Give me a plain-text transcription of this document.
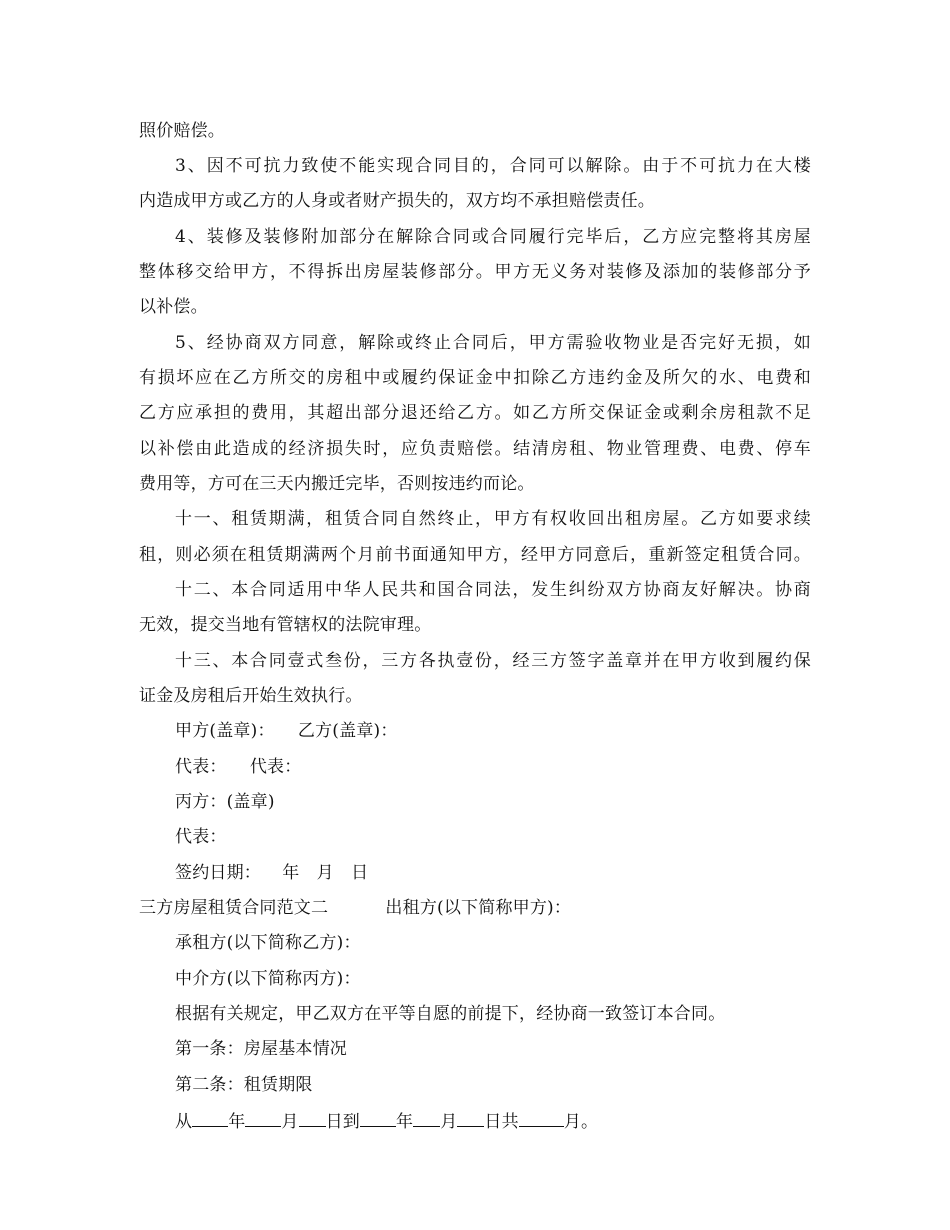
照价赔偿。
3、因不可抗力致使不能实现合同目的，合同可以解除。由于不可抗力在大楼
内造成甲方或乙方的人身或者财产损失的，双方均不承担赔偿责任。
4、装修及装修附加部分在解除合同或合同履行完毕后，乙方应完整将其房屋
整体移交给甲方，不得拆出房屋装修部分。甲方无义务对装修及添加的装修部分予
以补偿。
5、经协商双方同意，解除或终止合同后，甲方需验收物业是否完好无损，如
有损坏应在乙方所交的房租中或履约保证金中扣除乙方违约金及所欠的水、电费和
乙方应承担的费用，其超出部分退还给乙方。如乙方所交保证金或剩余房租款不足
以补偿由此造成的经济损失时，应负责赔偿。结清房租、物业管理费、电费、停车
费用等，方可在三天内搬迁完毕，否则按违约而论。
十一、租赁期满，租赁合同自然终止，甲方有权收回出租房屋。乙方如要求续
租，则必须在租赁期满两个月前书面通知甲方，经甲方同意后，重新签定租赁合同。
十二、本合同适用中华人民共和国合同法，发生纠纷双方协商友好解决。协商
无效，提交当地有管辖权的法院审理。
十三、本合同壹式叁份，三方各执壹份，经三方签字盖章并在甲方收到履约保
证金及房租后开始生效执行。
甲方(盖章)： 乙方(盖章)：
代表： 代表：
丙方：(盖章)
代表：
签约日期： 年 月 日
三方房屋租赁合同范文二	出租方(以下简称甲方)：
承租方(以下简称乙方)：
中介方(以下简称丙方)：
根据有关规定，甲乙双方在平等自愿的前提下，经协商一致签订本合同。
第一条：房屋基本情况
第二条：租赁期限
从 年 月 日到 年 月 日共	月。
